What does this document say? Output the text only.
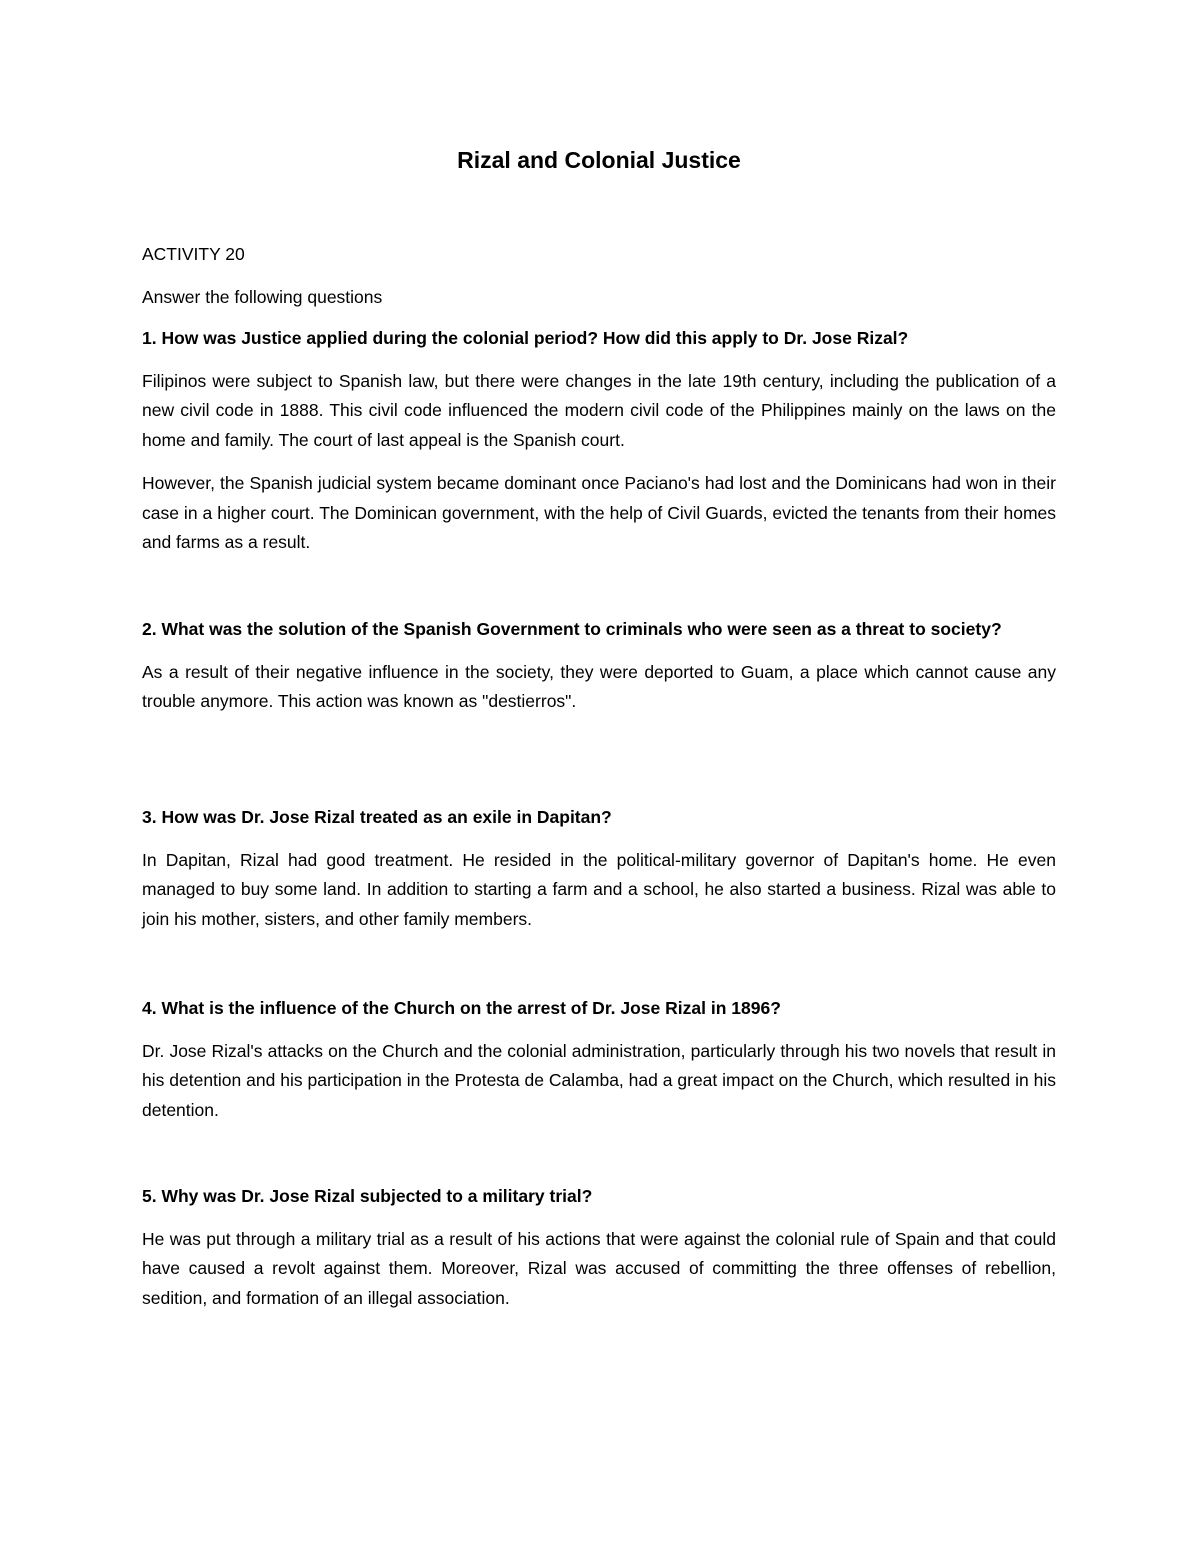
Rizal and Colonial Justice

ACTIVITY 20

Answer the following questions

1. How was Justice applied during the colonial period? How did this apply to Dr. Jose Rizal?

Filipinos were subject to Spanish law, but there were changes in the late 19th century, including the publication of a new civil code in 1888. This civil code influenced the modern civil code of the Philippines mainly on the laws on the home and family. The court of last appeal is the Spanish court.

However, the Spanish judicial system became dominant once Paciano's had lost and the Dominicans had won in their case in a higher court. The Dominican government, with the help of Civil Guards, evicted the tenants from their homes and farms as a result.

2. What was the solution of the Spanish Government to criminals who were seen as a threat to society?

As a result of their negative influence in the society, they were deported to Guam, a place which cannot cause any trouble anymore. This action was known as "destierros".

3. How was Dr. Jose Rizal treated as an exile in Dapitan?

In Dapitan, Rizal had good treatment. He resided in the political-military governor of Dapitan's home. He even managed to buy some land. In addition to starting a farm and a school, he also started a business. Rizal was able to join his mother, sisters, and other family members.

4. What is the influence of the Church on the arrest of Dr. Jose Rizal in 1896?

Dr. Jose Rizal's attacks on the Church and the colonial administration, particularly through his two novels that result in his detention and his participation in the Protesta de Calamba, had a great impact on the Church, which resulted in his detention.

5. Why was Dr. Jose Rizal subjected to a military trial?

He was put through a military trial as a result of his actions that were against the colonial rule of Spain and that could have caused a revolt against them. Moreover, Rizal was accused of committing the three offenses of rebellion, sedition, and formation of an illegal association.
